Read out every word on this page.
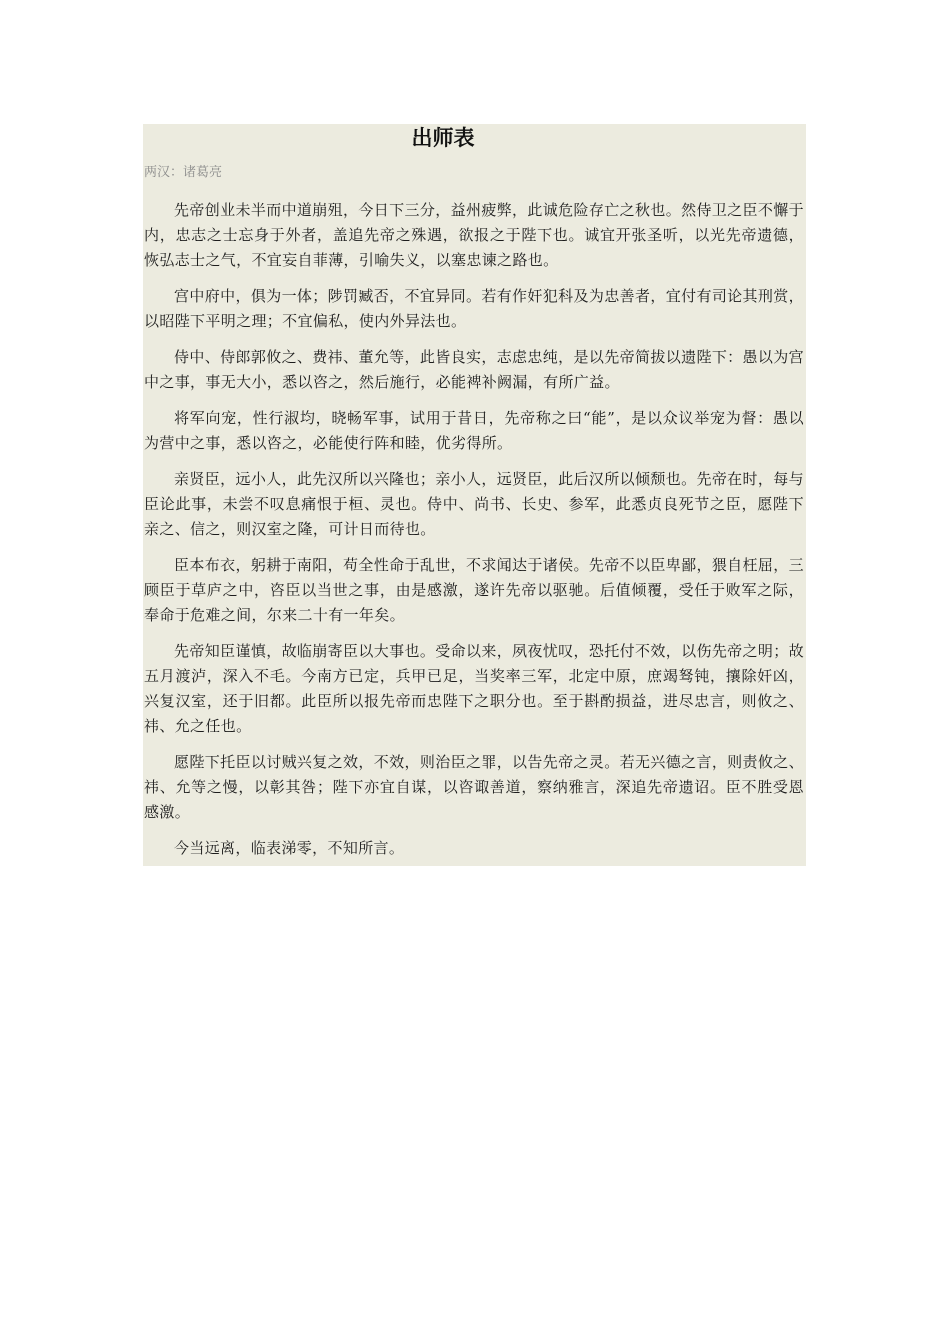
出师表
两汉：诸葛亮

先帝创业未半而中道崩殂，今日下三分，益州疲弊，此诚危险存亡之秋也。然侍卫之臣不懈于内，忠志之士忘身于外者，盖追先帝之殊遇，欲报之于陛下也。诚宜开张圣听，以光先帝遗德，恢弘志士之气，不宜妄自菲薄，引喻失义，以塞忠谏之路也。

宫中府中，俱为一体；陟罚臧否，不宜异同。若有作奸犯科及为忠善者，宜付有司论其刑赏，以昭陛下平明之理；不宜偏私，使内外异法也。

侍中、侍郎郭攸之、费祎、董允等，此皆良实，志虑忠纯，是以先帝简拔以遗陛下：愚以为宫中之事，事无大小，悉以咨之，然后施行，必能裨补阙漏，有所广益。

将军向宠，性行淑均，晓畅军事，试用于昔日，先帝称之曰“能”，是以众议举宠为督：愚以为营中之事，悉以咨之，必能使行阵和睦，优劣得所。

亲贤臣，远小人，此先汉所以兴隆也；亲小人，远贤臣，此后汉所以倾颓也。先帝在时，每与臣论此事，未尝不叹息痛恨于桓、灵也。侍中、尚书、长史、参军，此悉贞良死节之臣，愿陛下亲之、信之，则汉室之隆，可计日而待也。

臣本布衣，躬耕于南阳，苟全性命于乱世，不求闻达于诸侯。先帝不以臣卑鄙，猥自枉屈，三顾臣于草庐之中，咨臣以当世之事，由是感激，遂许先帝以驱驰。后值倾覆，受任于败军之际，奉命于危难之间，尔来二十有一年矣。

先帝知臣谨慎，故临崩寄臣以大事也。受命以来，夙夜忧叹，恐托付不效，以伤先帝之明；故五月渡泸，深入不毛。今南方已定，兵甲已足，当奖率三军，北定中原，庶竭驽钝，攘除奸凶，兴复汉室，还于旧都。此臣所以报先帝而忠陛下之职分也。至于斟酌损益，进尽忠言，则攸之、祎、允之任也。

愿陛下托臣以讨贼兴复之效，不效，则治臣之罪，以告先帝之灵。若无兴德之言，则责攸之、祎、允等之慢，以彰其咎；陛下亦宜自谋，以咨诹善道，察纳雅言，深追先帝遗诏。臣不胜受恩感激。

今当远离，临表涕零，不知所言。
